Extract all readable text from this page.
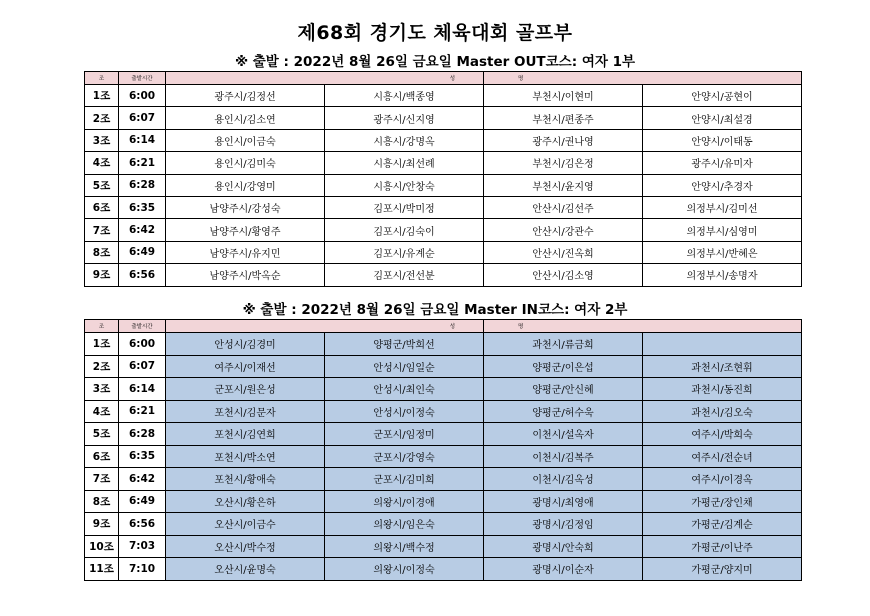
제68회 경기도 체육대회 골프부
※ 출발 : 2022년 8월 26일 금요일 Master OUT코스: 여자 1부
조	출발시간	성		명	
1조	6:00	광주시/김정선	시흥시/백종영	부천시/이현미	안양시/공현이
2조	6:07	용인시/김소연	광주시/신지영	부천시/편종주	안양시/최설경
3조	6:14	용인시/이금숙	시흥시/강명옥	광주시/권나영	안양시/이태동
4조	6:21	용인시/김미숙	시흥시/최선례	부천시/김은정	광주시/유미자
5조	6:28	용인시/강영미	시흥시/안창숙	부천시/윤지영	안양시/추경자
6조	6:35	남양주시/강성숙	김포시/박미정	안산시/김선주	의정부시/김미선
7조	6:42	남양주시/황영주	김포시/김숙이	안산시/강관수	의정부시/심영미
8조	6:49	남양주시/유지민	김포시/유계순	안산시/진옥희	의정부시/반혜은
9조	6:56	남양주시/박옥순	김포시/전선분	안산시/김소영	의정부시/송명자
※ 출발 : 2022년 8월 26일 금요일 Master IN코스: 여자 2부
조	출발시간	성		명	
1조	6:00	안성시/김경미	양평군/박희선	과천시/류금희	
2조	6:07	여주시/이재선	안성시/임일순	양평군/이은섭	과천시/조현휘
3조	6:14	군포시/원은성	안성시/최인숙	양평군/안신혜	과천시/동진희
4조	6:21	포천시/김문자	안성시/이정숙	양평군/허수욱	과천시/김오숙
5조	6:28	포천시/김연희	군포시/임정미	이천시/설옥자	여주시/박희숙
6조	6:35	포천시/박소연	군포시/강영숙	이천시/김복주	여주시/전순녀
7조	6:42	포천시/황애숙	군포시/김미희	이천시/김옥성	여주시/이경옥
8조	6:49	오산시/황은하	의왕시/이경애	광명시/최영애	가평군/장인채
9조	6:56	오산시/이금수	의왕시/임은숙	광명시/김정임	가평군/김계순
10조	7:03	오산시/박수정	의왕시/백수정	광명시/안숙희	가평군/이난주
11조	7:10	오산시/윤명숙	의왕시/이정숙	광명시/이순자	가평군/양지미
